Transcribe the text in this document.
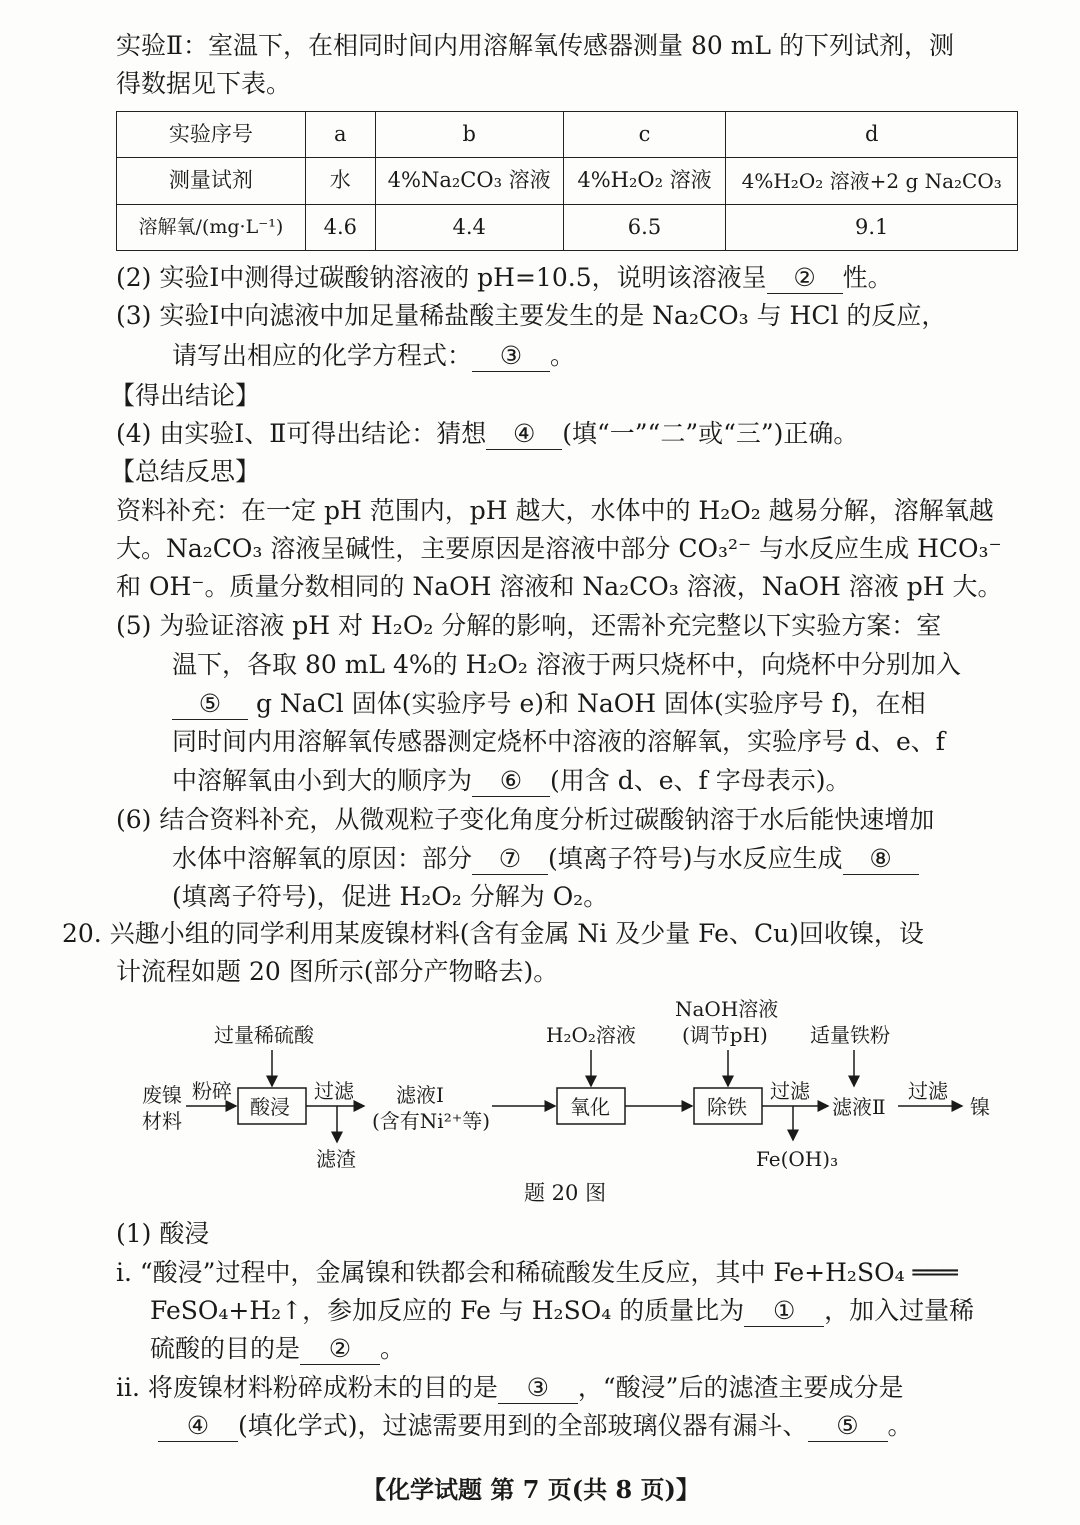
实验Ⅱ：室温下，在相同时间内用溶解氧传感器测量 80 mL 的下列试剂，测
得数据见下表。
实验序号	a	b	c	d
测量试剂	水	4%Na₂CO₃ 溶液	4%H₂O₂ 溶液	4%H₂O₂ 溶液+2 g Na₂CO₃
溶解氧/(mg·L⁻¹)	4.6	4.4	6.5	9.1
(2) 实验Ⅰ中测得过碳酸钠溶液的 pH=10.5，说明该溶液呈 ② 性。
(3) 实验Ⅰ中向滤液中加足量稀盐酸主要发生的是 Na₂CO₃ 与 HCl 的反应，
请写出相应的化学方程式： ③ 。
【得出结论】
(4) 由实验Ⅰ、Ⅱ可得出结论：猜想 ④ (填“一”“二”或“三”)正确。
【总结反思】
资料补充：在一定 pH 范围内，pH 越大，水体中的 H₂O₂ 越易分解，溶解氧越
大。Na₂CO₃ 溶液呈碱性，主要原因是溶液中部分 CO₃²⁻ 与水反应生成 HCO₃⁻
和 OH⁻。质量分数相同的 NaOH 溶液和 Na₂CO₃ 溶液，NaOH 溶液 pH 大。
(5) 为验证溶液 pH 对 H₂O₂ 分解的影响，还需补充完整以下实验方案：室
温下，各取 80 mL 4%的 H₂O₂ 溶液于两只烧杯中，向烧杯中分别加入
⑤ g NaCl 固体(实验序号 e)和 NaOH 固体(实验序号 f)，在相
同时间内用溶解氧传感器测定烧杯中溶液的溶解氧，实验序号 d、e、f
中溶解氧由小到大的顺序为 ⑥ (用含 d、e、f 字母表示)。
(6) 结合资料补充，从微观粒子变化角度分析过碳酸钠溶于水后能快速增加
水体中溶解氧的原因：部分 ⑦ (填离子符号)与水反应生成 ⑧
(填离子符号)，促进 H₂O₂ 分解为 O₂。
20. 兴趣小组的同学利用某废镍材料(含有金属 Ni 及少量 Fe、Cu)回收镍，设
计流程如题 20 图所示(部分产物略去)。
过量稀硫酸
废镍
材料
粉碎
酸浸
过滤 滤液Ⅰ
(含有Ni²⁺等)
滤渣
H₂O₂溶液
氧化
NaOH溶液
(调节pH)
除铁
过滤
Fe(OH)₃
适量铁粉
滤液Ⅱ
过滤
镍
题 20 图
(1) 酸浸
i. “酸浸”过程中，金属镍和铁都会和稀硫酸发生反应，其中 Fe+H₂SO₄ ═══
FeSO₄+H₂↑，参加反应的 Fe 与 H₂SO₄ 的质量比为 ① ，加入过量稀
硫酸的目的是 ② 。
ii. 将废镍材料粉碎成粉末的目的是 ③ ，“酸浸”后的滤渣主要成分是
④ (填化学式)，过滤需要用到的全部玻璃仪器有漏斗、 ⑤ 。
【化学试题 第 7 页(共 8 页)】
